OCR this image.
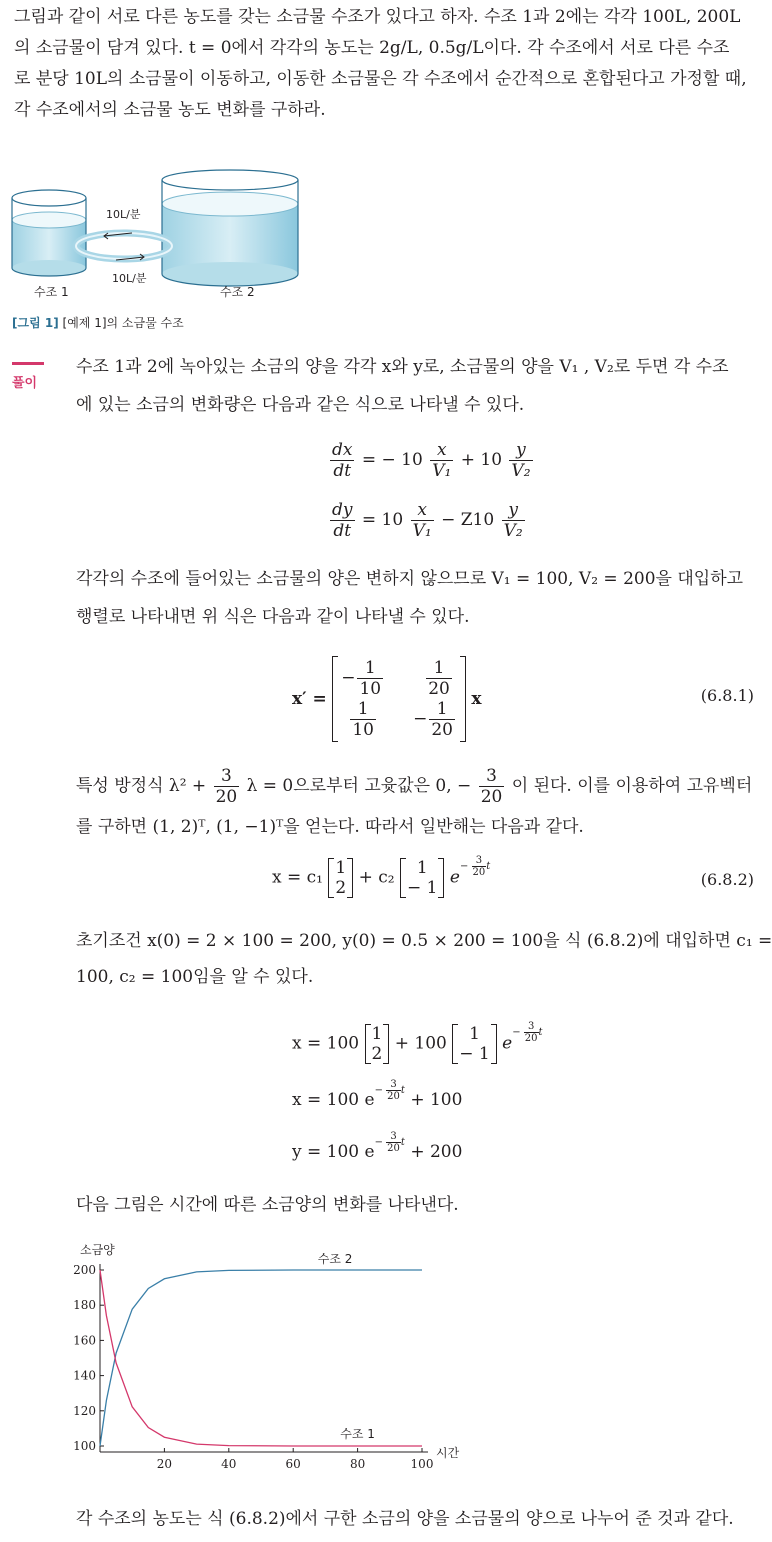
그림과 같이 서로 다른 농도를 갖는 소금물 수조가 있다고 하자. 수조 1과 2에는 각각 100L, 200L
의 소금물이 담겨 있다. t = 0에서 각각의 농도는 2g/L, 0.5g/L이다. 각 수조에서 서로 다른 수조
로 분당 10L의 소금물이 이동하고, 이동한 소금물은 각 수조에서 순간적으로 혼합된다고 가정할 때,
각 수조에서의 소금물 농도 변화를 구하라.
10L/분
10L/분
수조 1	수조 2
[그림 1] [예제 1]의 소금물 수조
풀이
수조 1과 2에 녹아있는 소금의 양을 각각 x와 y로, 소금물의 양을 V₁ , V₂로 두면 각 수조
에 있는 소금의 변화량은 다음과 같은 식으로 나타낼 수 있다.
$\frac{dx}{dt}$ = − $10 \frac{x}{\text{V₁}} + 10 \frac{y}{\text{V₂}}$
$\frac{dy}{dt} = 10 \frac{x}{\text{V₁}} - Z10 \frac{y}{\text{V₂}}$
각각의 수조에 들어있는 소금물의 양은 변하지 않으므로 V₁ = 100, V₂ = 200을 대입하고
행렬로 나타내면 위 식은 다음과 같이 나타낼 수 있다.
x′ =
− $\frac{1}{10}$	$\frac{1}{20}$

$\frac{1}{10}$	− $\frac{1}{20}$ x	(6.8.1)
특성 방정식 $\lambda^2 + \frac{3}{20}$ λ = 0으로부터 고윳값은 0, − $\frac{3}{20}$ 이 된다. 이를 이용하여 고유벡터
를 구하면 (1, 2)ᵀ, (1, −1)ᵀ을 얻는다. 따라서 일반해는 다음과 같다.
x = c₁ 1
2
+ c₂	1
− 1
$e^{- \frac{3}{20} t}$
(6.8.2)
초기조건 x(0) = 2 × 100 = 200, y(0) = 0.5 × 200 = 100을 식 (6.8.2)에 대입하면 c₁ =
100, c₂ = 100임을 알 수 있다.
x = 100 1
2
+ 100	1
− 1
$e^{- \frac{3}{20} t}$
x = 100 $e^{- \frac{3}{20} t} + 100$
y = 100 $e^{- \frac{3}{20} t} + 200$
다음 그림은 시간에 따른 소금양의 변화를 나타낸다.
100
120
140
160
180
200
20	40	60	80	100
소금양
시간
수조 2
수조 1
각 수조의 농도는 식 (6.8.2)에서 구한 소금의 양을 소금물의 양으로 나누어 준 것과 같다.
